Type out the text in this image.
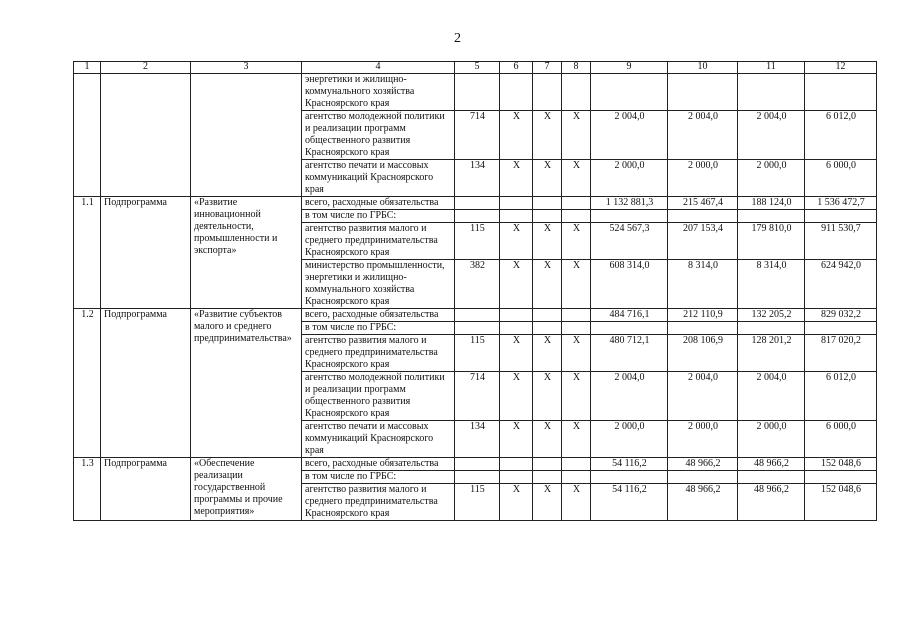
2
1	2	3	4	5	6	7	8	9	10	11	12
			энергетики и жилищно-коммунального хозяйства Красноярского края								
			агентство молодежной политики и реализации программ общественного развития Красноярского края	714	Х	Х	Х	2 004,0	2 004,0	2 004,0	6 012,0
			агентство печати и массовых коммуникаций Красноярского края	134	Х	Х	Х	2 000,0	2 000,0	2 000,0	6 000,0
1.1	Подпрограмма	«Развитие инновационной деятельности, промышленности и экспорта»	всего, расходные обязательства					1 132 881,3	215 467,4	188 124,0	1 536 472,7
			в том числе по ГРБС:								
			агентство развития малого и среднего предпринимательства Красноярского края	115	Х	Х	Х	524 567,3	207 153,4	179 810,0	911 530,7
			министерство промышленности, энергетики и жилищно-коммунального хозяйства Красноярского края	382	Х	Х	Х	608 314,0	8 314,0	8 314,0	624 942,0
1.2	Подпрограмма	«Развитие субъектов малого и среднего предпринимательства»	всего, расходные обязательства					484 716,1	212 110,9	132 205,2	829 032,2
			в том числе по ГРБС:								
			агентство развития малого и среднего предпринимательства Красноярского края	115	Х	Х	Х	480 712,1	208 106,9	128 201,2	817 020,2
			агентство молодежной политики и реализации программ общественного развития Красноярского края	714	Х	Х	Х	2 004,0	2 004,0	2 004,0	6 012,0
			агентство печати и массовых коммуникаций Красноярского края	134	Х	Х	Х	2 000,0	2 000,0	2 000,0	6 000,0
1.3	Подпрограмма	«Обеспечение реализации государственной программы и прочие мероприятия»	всего, расходные обязательства					54 116,2	48 966,2	48 966,2	152 048,6
			в том числе по ГРБС:								
			агентство развития малого и среднего предпринимательства Красноярского края	115	Х	Х	Х	54 116,2	48 966,2	48 966,2	152 048,6
